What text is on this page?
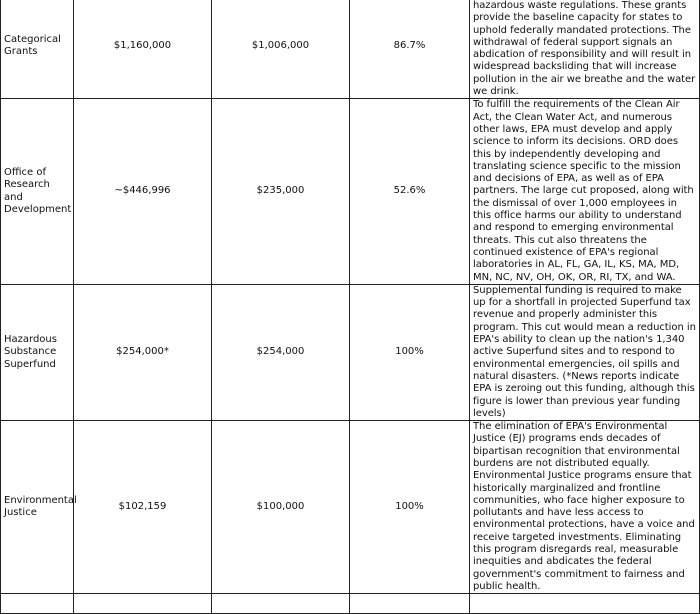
Categorical Grants	$1,160,000	$1,006,000	86.7%	hazardous waste regulations. These grants provide the baseline capacity for states to uphold federally mandated protections. The withdrawal of federal support signals an abdication of responsibility and will result in widespread backsliding that will increase pollution in the air we breathe and the water we drink.
Office of Research and Development	~$446,996	$235,000	52.6%	To fulfill the requirements of the Clean Air Act, the Clean Water Act, and numerous other laws, EPA must develop and apply science to inform its decisions. ORD does this by independently developing and translating science specific to the mission and decisions of EPA, as well as of EPA partners. The large cut proposed, along with the dismissal of over 1,000 employees in this office harms our ability to understand and respond to emerging environmental threats. This cut also threatens the continued existence of EPA's regional laboratories in AL, FL, GA, IL, KS, MA, MD, MN, NC, NV, OH, OK, OR, RI, TX, and WA.
Hazardous Substance Superfund	$254,000*	$254,000	100%	Supplemental funding is required to make up for a shortfall in projected Superfund tax revenue and properly administer this program. This cut would mean a reduction in EPA's ability to clean up the nation's 1,340 active Superfund sites and to respond to environmental emergencies, oil spills and natural disasters. (*News reports indicate EPA is zeroing out this funding, although this figure is lower than previous year funding levels)
Environmental Justice	$102,159	$100,000	100%	The elimination of EPA's Environmental Justice (EJ) programs ends decades of bipartisan recognition that environmental burdens are not distributed equally. Environmental Justice programs ensure that historically marginalized and frontline communities, who face higher exposure to pollutants and have less access to environmental protections, have a voice and receive targeted investments. Eliminating this program disregards real, measurable inequities and abdicates the federal government's commitment to fairness and public health.
